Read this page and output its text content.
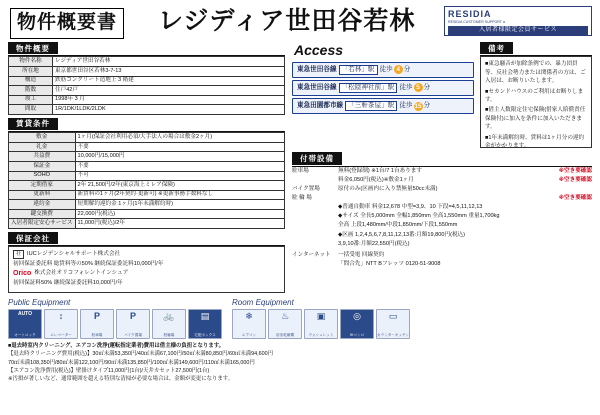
物件概要書 レジディア世田谷若林	RESIDIA
RESIDIA CUSTOMER SUPPORT α
入居者様限定会員サービス
物件概要
物件名称	レジディア世田谷若林
所在地	東京都世田谷区若林3-7-13
構造	鉄筋コンクリート造地上 3 階建
階数	住戸42戸
竣工	1998年 3 月
間取	1R/1DK/1LDK/2LDK
賃貸条件
敷金	1ヶ月(保証会社利用必須/大手法人の場合は敷金2ヶ月)
礼金	不要
共益費	10,000円/15,000円
保証金	不要
SOHO	不可
定期借家	2年 21,500円/2年(東京海上ミレア保険)
更新料	新賃料の1ヶ月(2年契約·更新可) ※更新事務手数料なし
違約金	短期解約違約金 1ヶ月(1年未満解約時)
鍵交換費	22,000円(税込)
入居者限定安心サービス	11,000円(税込)/2年
保証会社
社	IUCレジデンシャルサポート株式会社
初回保証委託料 総賃料等の50% 継続保証委託料10,000円/年
Orico 株式会社オリコフォレントインシュア
初回保証料50% 継続保証委託料10,000円/年
Access
東急世田谷線 「若林」駅 徒歩 4 分
東急世田谷線 「松陰神社前」駅 徒歩 5 分
東急田園都市線 「三軒茶屋」駅 徒歩 15 分
備考
■東急騒音が加除条例での、暴力団員等、反社会勢力または関係者の方は、ご入居は、お断りいたします。
■セカンドハウスのご利用はお断りします。
■借主人数限定住宅保険(借家人賠償責任保険付)に加入を条件に加入いただきます。
■1年未満解約時、賃料は1ヶ月分の違約金がかかります。
付帯設備
駐車場	無料(登録制) ※1台/7 1台あります	※空き要確認
料金6,050円(税込)※敷金1ヶ月	※空き要確認
バイク置場	原付のみ(区画内に入り禁無量50cc未満)
駐 輪 場	※空き要確認
◆普通自動車 料金12,678 中型=3,9、10 下段=4,5,11,12,13
◆サイズ 全長5,000mm 全幅1,850mm 全高1,550mm 重量1,700kg
全高 上段1,480mm/中段1,850mm/下段1,550mm
◆区画 1,2,4,5,6,7,8,11,12,13番:月額19,800円(税込)
3,9,10番:月額22,550円(税込)
インターネット	一括受電 回線契約
「問合先」NTT Bフレッツ 0120-51-9008
Public Equipment
AUTO
オートロック
↕
エレベーター
P
駐車場
P
バイク置場
🚲
駐輪場
▤
宅配ボックス
Room Equipment
❄
エアコン
♨
浴室乾燥機
▣
ウォシュレット
◎
IHコンロ
▭
カウンターキッチン
■退去時室内クリーニング、エアコン洗浄(運転指定業者)費用は借主様の負担となります。
【退去時クリーニング費用(税込)】30㎡未満53,350円/40㎡未満67,100円/50㎡未満80,850円/60㎡未満94,600円
70㎡未満108,350円/80㎡未満122,100円/90㎡未満135,850円/100㎡未満149,600円/110㎡未満165,000円
【エアコン洗浄費用(税込)】壁掛けタイプ11,000円(1台)/天井カセット27,500円(1台)
※汚損が著しいなど、通常範囲を超える特別な清掃が必要な場合は、金額が変更になります。
